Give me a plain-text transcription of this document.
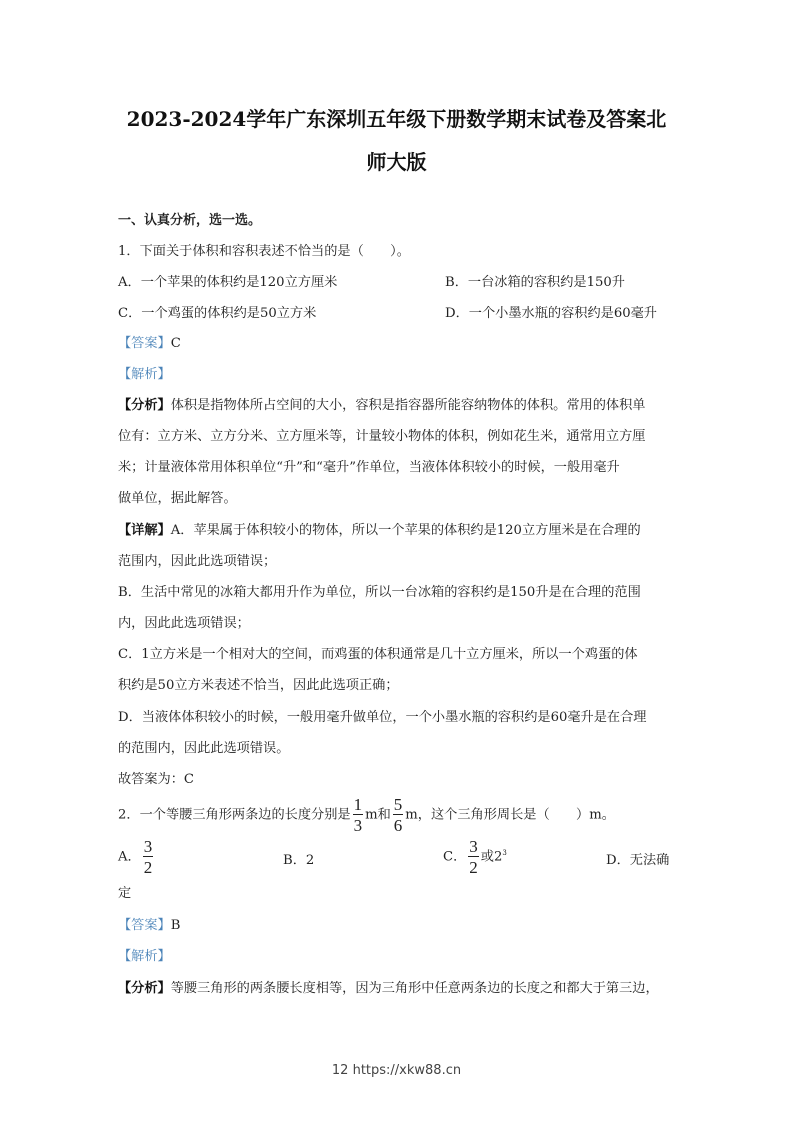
2023-2024学年广东深圳五年级下册数学期末试卷及答案北
师大版
一、认真分析，选一选。
1．下面关于体积和容积表述不恰当的是（　　）。
A．一个苹果的体积约是120立方厘米	B．一台冰箱的容积约是150升
C．一个鸡蛋的体积约是50立方米	D．一个小墨水瓶的容积约是60毫升
【答案】C
【解析】
【分析】体积是指物体所占空间的大小，容积是指容器所能容纳物体的体积。常用的体积单
位有：立方米、立方分米、立方厘米等，计量较小物体的体积，例如花生米，通常用立方厘
米；计量液体常用体积单位“升”和“毫升”作单位，当液体体积较小的时候，一般用毫升
做单位，据此解答。
【详解】A．苹果属于体积较小的物体，所以一个苹果的体积约是120立方厘米是在合理的
范围内，因此此选项错误；
B．生活中常见的冰箱大都用升作为单位，所以一台冰箱的容积约是150升是在合理的范围
内，因此此选项错误；
C．1立方米是一个相对大的空间，而鸡蛋的体积通常是几十立方厘米，所以一个鸡蛋的体
积约是50立方米表述不恰当，因此此选项正确；
D．当液体体积较小的时候，一般用毫升做单位，一个小墨水瓶的容积约是60毫升是在合理
的范围内，因此此选项错误。
故答案为：C
2．一个等腰三角形两条边的长度分别是 $\frac{1}{3}$ m和 $\frac{5}{6}$ m，这个三角形周长是（　　）m。
A． $\frac{3}{2}$	B．2	C． $\frac{3}{2}$ 或$2^3$	D．无法确
定
【答案】B
【解析】
【分析】等腰三角形的两条腰长度相等，因为三角形中任意两条边的长度之和都大于第三边，
12 https://xkw88.cn
